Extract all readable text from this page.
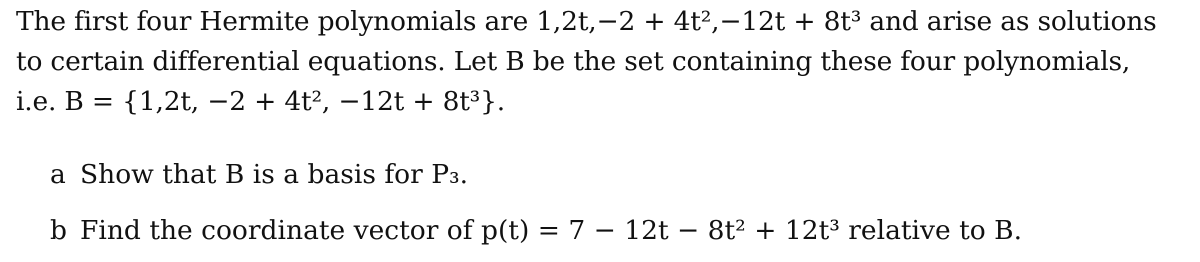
The first four Hermite polynomials are 1,2t,−2 + 4t²,−12t + 8t³ and arise as solutions
to certain differential equations. Let B be the set containing these four polynomials,
i.e. B = {1,2t, −2 + 4t², −12t + 8t³}.
a Show that B is a basis for P₃.
b Find the coordinate vector of p(t) = 7 − 12t − 8t² + 12t³ relative to B.
